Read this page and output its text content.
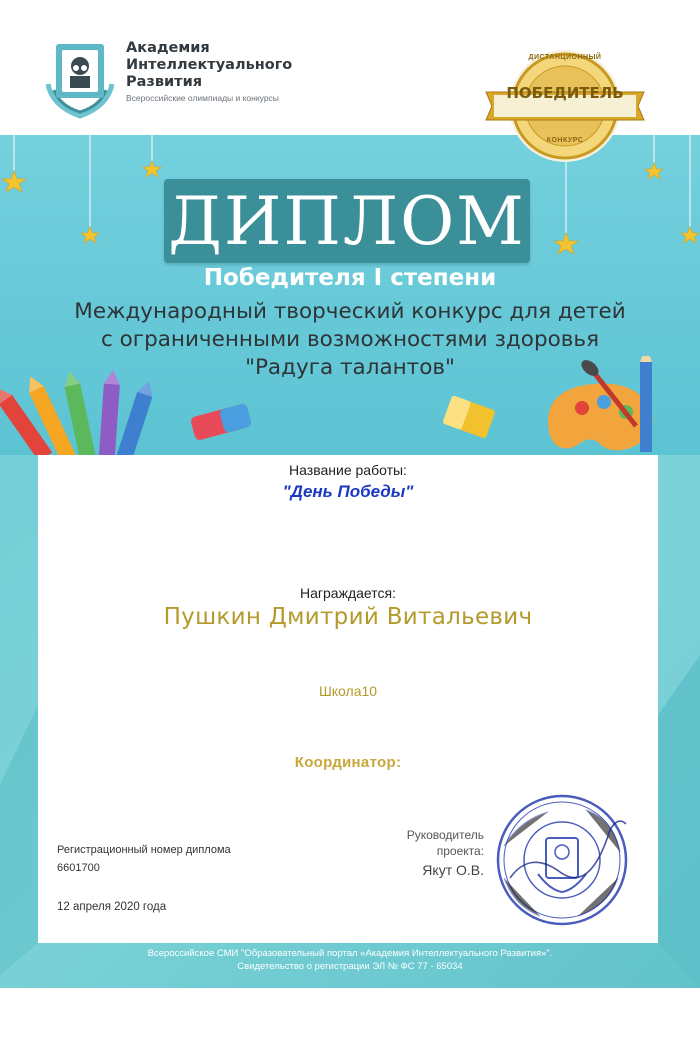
Академия
Интеллектуального
Развития
Всероссийские олимпиады и конкурсы	ПОБЕДИТЕЛЬ
ДИСТАНЦИОННЫЙ
КОНКУРС
ДИПЛОМ
Победителя I степени
Международный творческий конкурс для детей
с ограниченными возможностями здоровья
"Радуга талантов"
Название работы:
"День Победы"
Награждается:
Пушкин Дмитрий Витальевич
Школа10
Координатор:
Регистрационный номер диплома
6601700
12 апреля 2020 года
Руководитель
проекта:
Якут О.В.
Всероссийское СМИ "Образовательный портал «Академия Интеллектуального Развития»".
Свидетельство о регистрации ЭЛ № ФС 77 - 65034
